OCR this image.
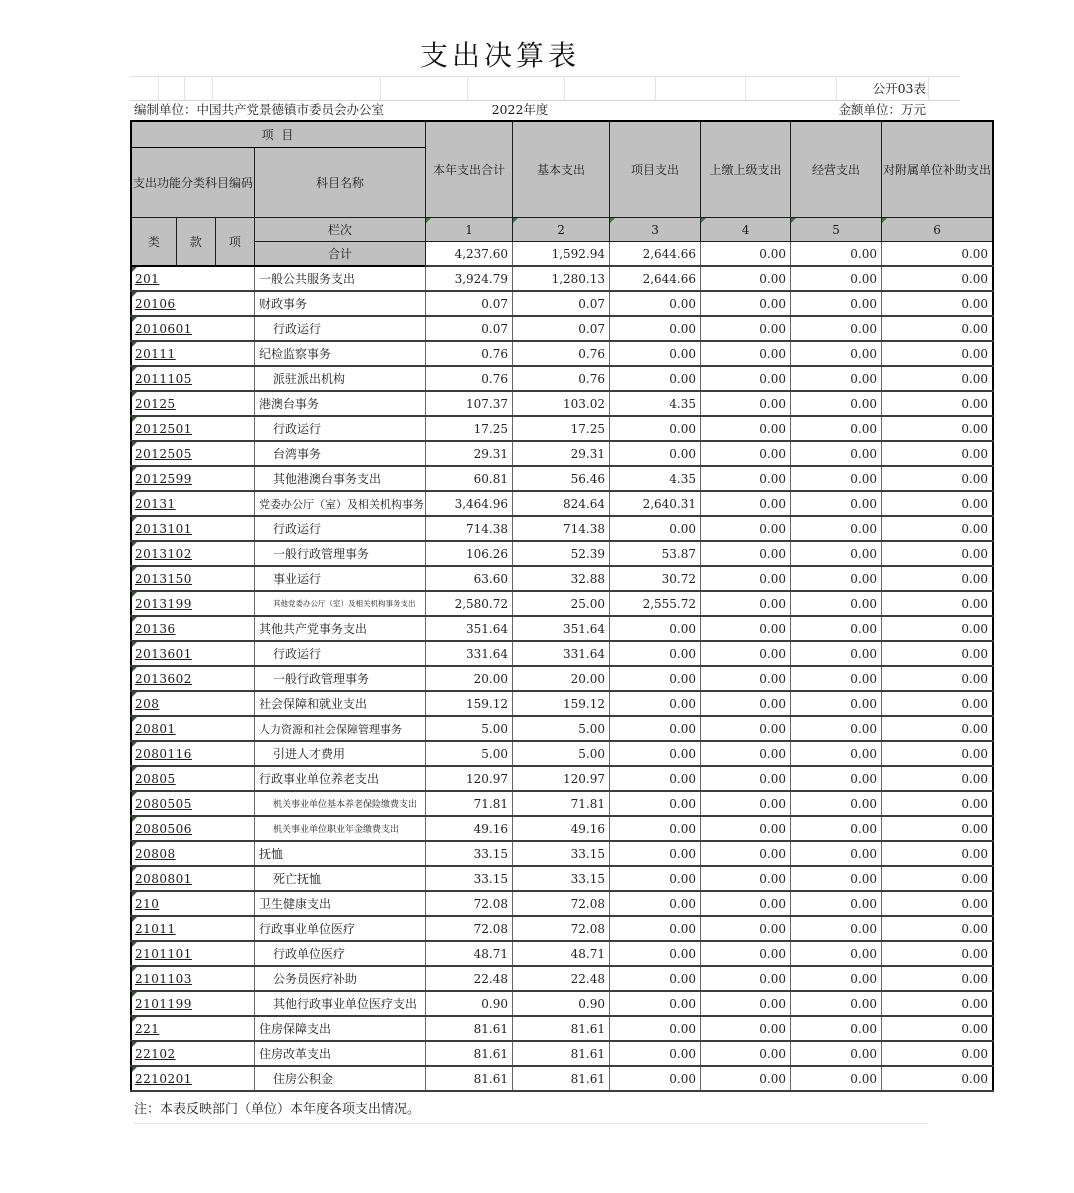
支出决算表
公开03表
编制单位：中国共产党景德镇市委员会办公室	2022年度	金额单位：万元
项 目				本年支出合计	基本支出	项目支出	上缴上级支出	经营支出	对附属单位补助支出
支出功能分类科目编码			科目名称						
类	款	项	栏次	1	2	3	4	5	6
			合计	4,237.60	1,592.94	2,644.66	0.00	0.00	0.00

201			一般公共服务支出	3,924.79	1,280.13	2,644.66	0.00	0.00	0.00

20106			财政事务	0.07	0.07	0.00	0.00	0.00	0.00

2010601			行政运行	0.07	0.07	0.00	0.00	0.00	0.00

20111			纪检监察事务	0.76	0.76	0.00	0.00	0.00	0.00

2011105			派驻派出机构	0.76	0.76	0.00	0.00	0.00	0.00

20125			港澳台事务	107.37	103.02	4.35	0.00	0.00	0.00

2012501			行政运行	17.25	17.25	0.00	0.00	0.00	0.00

2012505			台湾事务	29.31	29.31	0.00	0.00	0.00	0.00

2012599			其他港澳台事务支出	60.81	56.46	4.35	0.00	0.00	0.00

20131			党委办公厅（室）及相关机构事务	3,464.96	824.64	2,640.31	0.00	0.00	0.00

2013101			行政运行	714.38	714.38	0.00	0.00	0.00	0.00

2013102			一般行政管理事务	106.26	52.39	53.87	0.00	0.00	0.00

2013150			事业运行	63.60	32.88	30.72	0.00	0.00	0.00

2013199			其他党委办公厅（室）及相关机构事务支出	2,580.72	25.00	2,555.72	0.00	0.00	0.00

20136			其他共产党事务支出	351.64	351.64	0.00	0.00	0.00	0.00

2013601			行政运行	331.64	331.64	0.00	0.00	0.00	0.00

2013602			一般行政管理事务	20.00	20.00	0.00	0.00	0.00	0.00

208			社会保障和就业支出	159.12	159.12	0.00	0.00	0.00	0.00

20801			人力资源和社会保障管理事务	5.00	5.00	0.00	0.00	0.00	0.00

2080116			引进人才费用	5.00	5.00	0.00	0.00	0.00	0.00

20805			行政事业单位养老支出	120.97	120.97	0.00	0.00	0.00	0.00

2080505			机关事业单位基本养老保险缴费支出	71.81	71.81	0.00	0.00	0.00	0.00

2080506			机关事业单位职业年金缴费支出	49.16	49.16	0.00	0.00	0.00	0.00

20808			抚恤	33.15	33.15	0.00	0.00	0.00	0.00

2080801			死亡抚恤	33.15	33.15	0.00	0.00	0.00	0.00

210			卫生健康支出	72.08	72.08	0.00	0.00	0.00	0.00

21011			行政事业单位医疗	72.08	72.08	0.00	0.00	0.00	0.00

2101101			行政单位医疗	48.71	48.71	0.00	0.00	0.00	0.00

2101103			公务员医疗补助	22.48	22.48	0.00	0.00	0.00	0.00

2101199			其他行政事业单位医疗支出	0.90	0.90	0.00	0.00	0.00	0.00

221			住房保障支出	81.61	81.61	0.00	0.00	0.00	0.00

22102			住房改革支出	81.61	81.61	0.00	0.00	0.00	0.00

2210201			住房公积金	81.61	81.61	0.00	0.00	0.00	0.00
注：本表反映部门（单位）本年度各项支出情况。
